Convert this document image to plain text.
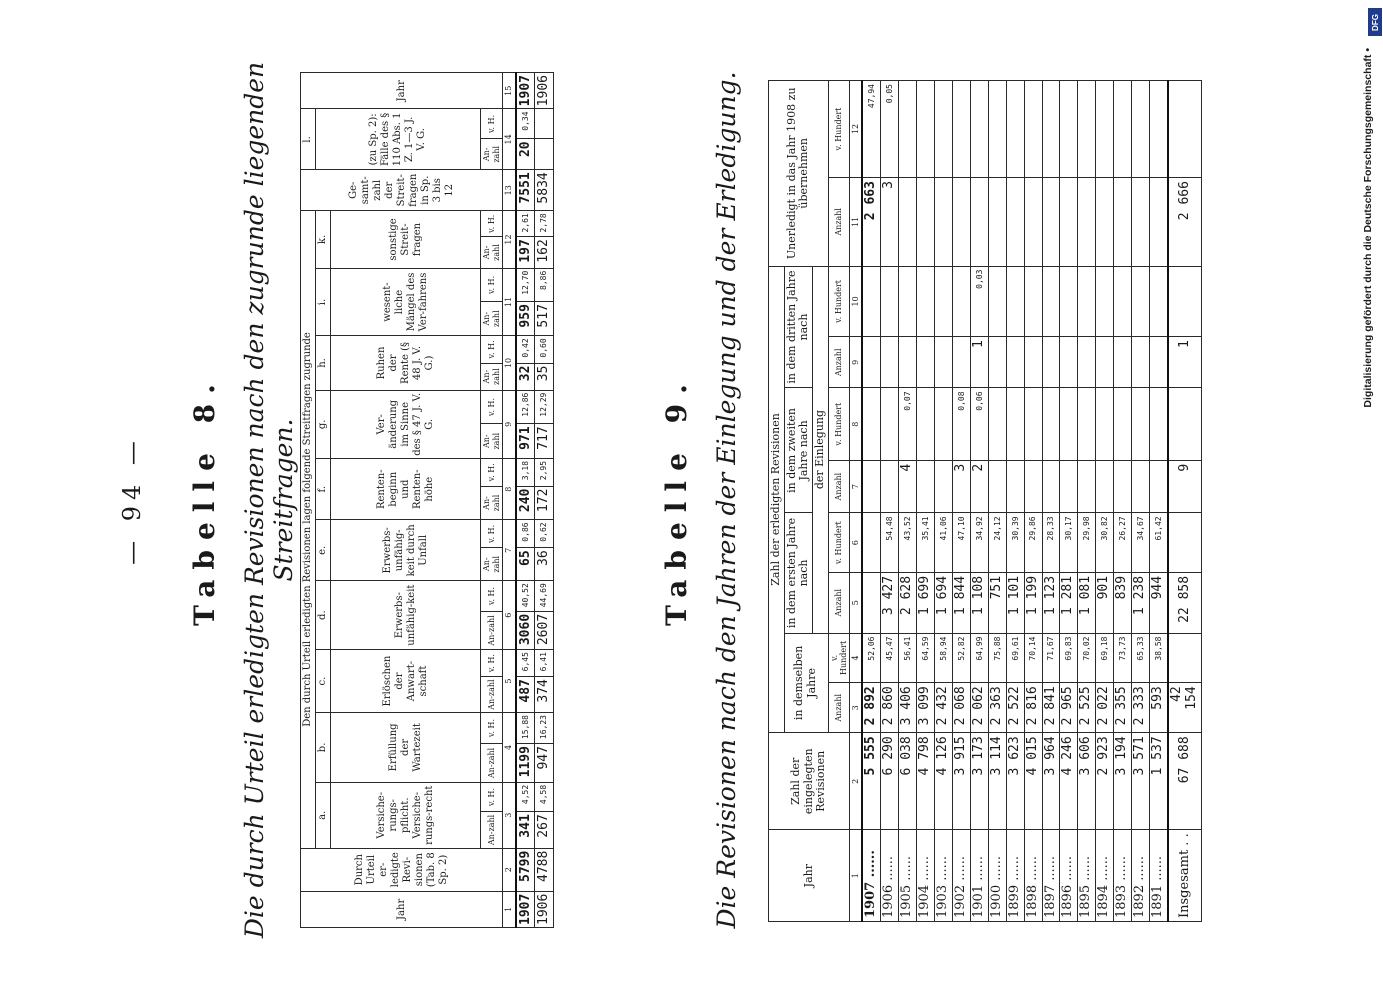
— 94 — Tabelle 8. Die durch Urteil erledigten Revisionen nach den zugrunde liegenden Streitfragen.
Jahr	Durch Urteil er-ledigte Revi-sionen (Tab. 8 Sp. 2)	Den durch Urteil erledigten Revisionen lagen folgende Streitfragen zugrunde																				Ge-samt-zahl der Streit-fragen in Sp. 3 bis 12	l.		Jahr
		a.		b.		c.		d.		e.		f.		g.		h.		i.		k.			(zu Sp. 2): Fälle des § 110 Abs. 1 Z. 1—3 J. V. G.		
		Versiche-rungs-pflicht. Versiche-rungs-recht		Erfüllung der Wartezeit		Erlöschen der Anwart-schaft		Erwerbs-unfähig-keit		Erwerbs-unfähig-keit durch Unfall		Renten-beginn und Renten-höhe		Ver-änderung im Sinne des § 47 J. V. G.		Ruhen der Rente (§ 48 J. V. G.)		wesent-liche Mängel des Ver-fahrens		sonstige Streit-fragen					
		An-zahl	v. H.	An-zahl	v. H.	An-zahl	v. H.	An-zahl	v. H.	An-zahl	v. H.	An-zahl	v. H.	An-zahl	v. H.	An-zahl	v. H.	An-zahl	v. H.	An-zahl	v. H.		An-zahl	v. H.	
1	2	3		4		5		6		7		8		9		10		11		12		13	14		15
1907	5799	341	4,52	1199	15,88	487	6,45	3060	40,52	65	0,86	240	3,18	971	12,86	32	0,42	959	12,70	197	2,61	7551	20	0,34	1907
1906	4788	267	4,58	947	16,23	374	6,41	2607	44,69	36	0,62	172	2,95	717	12,29	35	0,60	517	8,86	162	2,78	5834			1906
Tabelle 9. Die Revisionen nach den Jahren der Einlegung und der Erledigung.	Jahr	Zahl der eingelegten Revisionen	Zahl der erledigten Revisionen								Unerledigt in das Jahr 1908 zu übernehmen	
		in demselben Jahre		in dem ersten Jahre nach		in dem zweiten Jahre nach		in dem dritten Jahre nach			
				der Einlegung							
		Anzahl	v. Hundert	Anzahl	v. Hundert	Anzahl	v. Hundert	Anzahl	v. Hundert	Anzahl	v. Hundert
1	2	3	4	5	6	7	8	9	10	11	12
1907 ......	5 555	2 892	52,06							2 663	47,94
1906 ......	6 290	2 860	45,47	3 427	54,48					3	0,05
1905 ......	6 038	3 406	56,41	2 628	43,52	4	0,07				
1904 ......	4 798	3 099	64,59	1 699	35,41						
1903 ......	4 126	2 432	58,94	1 694	41,06						
1902 ......	3 915	2 068	52,82	1 844	47,10	3	0,08				
1901 ......	3 173	2 062	64,99	1 108	34,92	2	0,06	1	0,03		
1900 ......	3 114	2 363	75,88	751	24,12						
1899 ......	3 623	2 522	69,61	1 101	30,39						
1898 ......	4 015	2 816	70,14	1 199	29,86						
1897 ......	3 964	2 841	71,67	1 123	28,33						
1896 ......	4 246	2 965	69,83	1 281	30,17						
1895 ......	3 606	2 525	70,02	1 081	29,98						
1894 ......	2 923	2 022	69,18	901	30,82						
1893 ......	3 194	2 355	73,73	839	26,27						
1892 ......	3 571	2 333	65,33	1 238	34,67						
1891 ......	1 537	593	38,58	944	61,42						
Insgesamt . .	67 688	42 154		22 858		9		1		2 666	
DFG
Digitalisierung gefördert durch die Deutsche Forschungsgemeinschaft •
